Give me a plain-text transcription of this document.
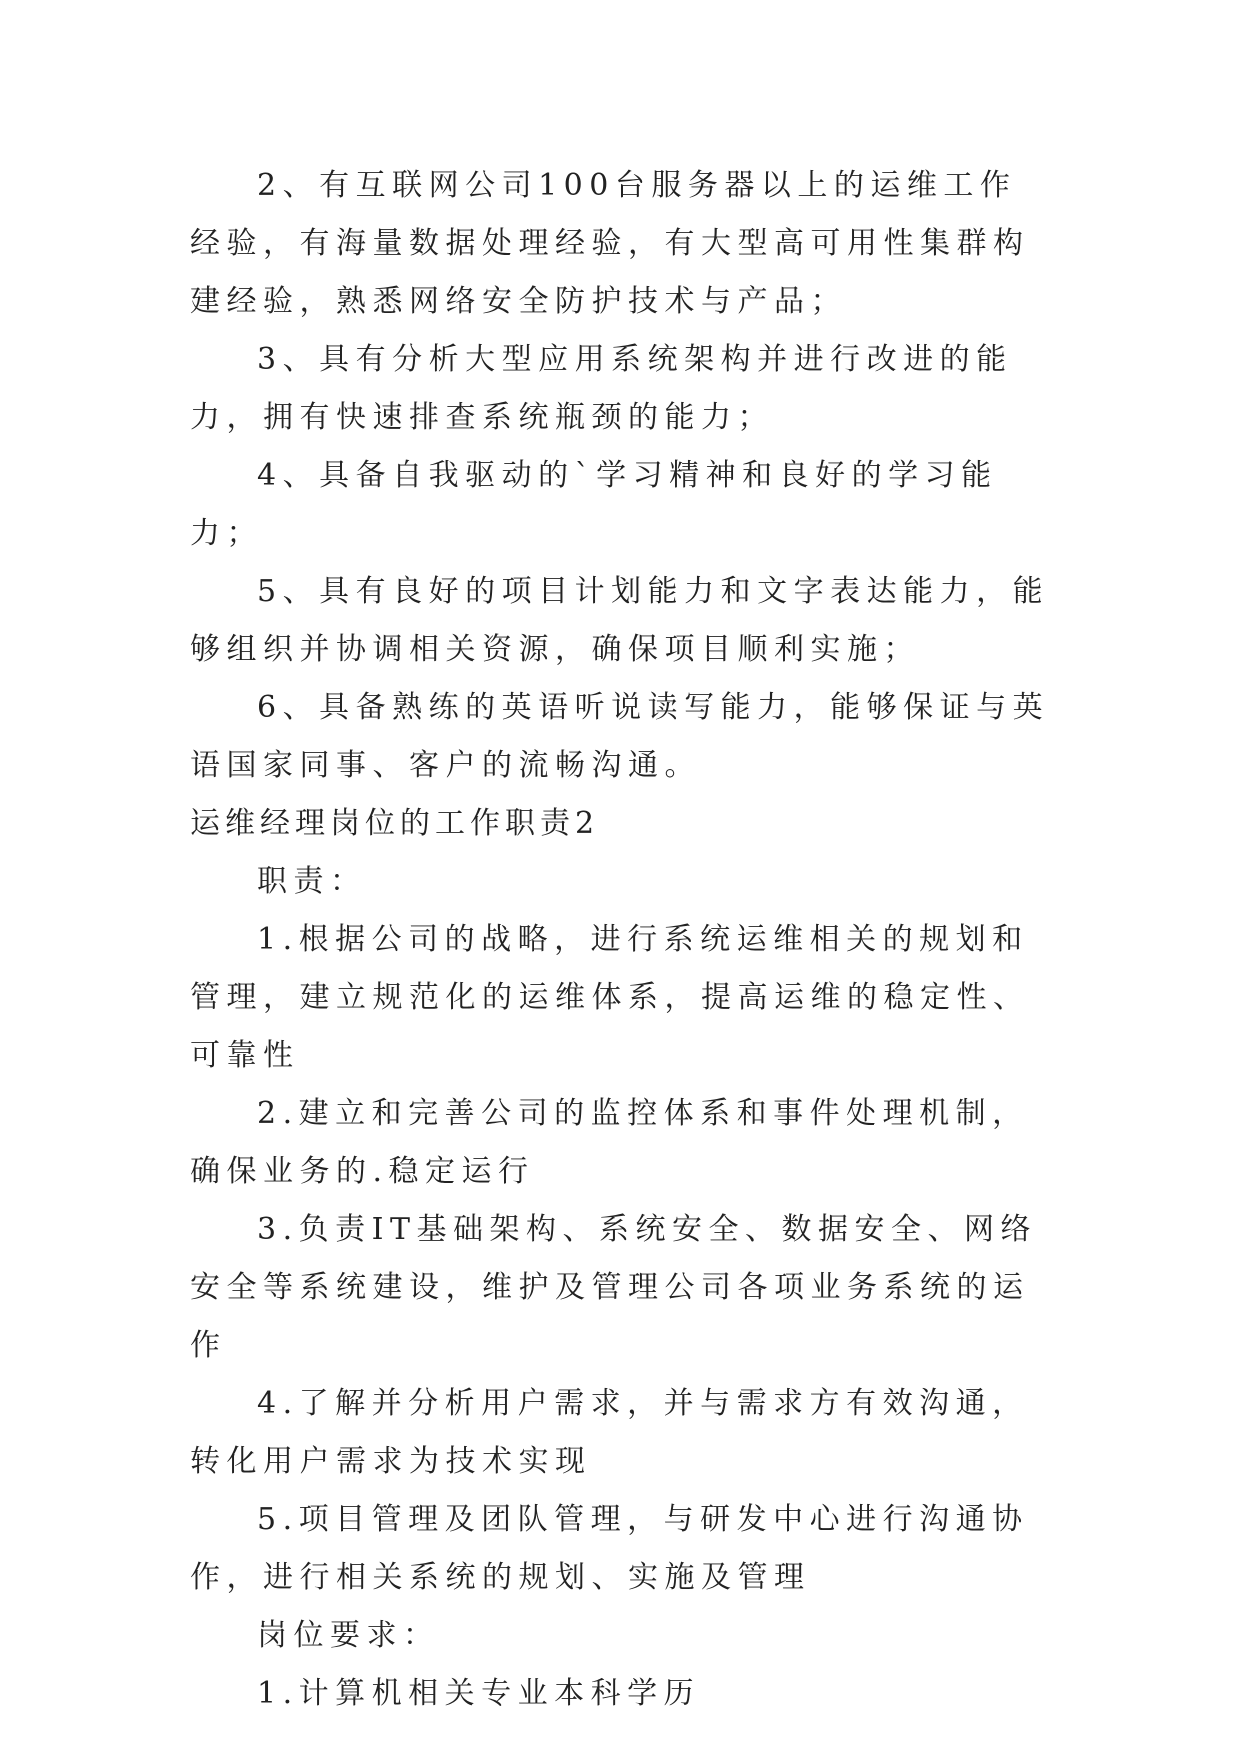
2、有互联网公司100台服务器以上的运维工作经验，有海量数据处理经验，有大型高可用性集群构建经验，熟悉网络安全防护技术与产品；

3、具有分析大型应用系统架构并进行改进的能力，拥有快速排查系统瓶颈的能力；

4、具备自我驱动的`学习精神和良好的学习能力；

5、具有良好的项目计划能力和文字表达能力，能够组织并协调相关资源，确保项目顺利实施；

6、具备熟练的英语听说读写能力，能够保证与英语国家同事、客户的流畅沟通。

运维经理岗位的工作职责2

职责：

1.根据公司的战略，进行系统运维相关的规划和管理，建立规范化的运维体系，提高运维的稳定性、可靠性

2.建立和完善公司的监控体系和事件处理机制，确保业务的.稳定运行

3.负责IT基础架构、系统安全、数据安全、网络安全等系统建设，维护及管理公司各项业务系统的运作

4.了解并分析用户需求，并与需求方有效沟通，转化用户需求为技术实现

5.项目管理及团队管理，与研发中心进行沟通协作，进行相关系统的规划、实施及管理

岗位要求：

1.计算机相关专业本科学历
